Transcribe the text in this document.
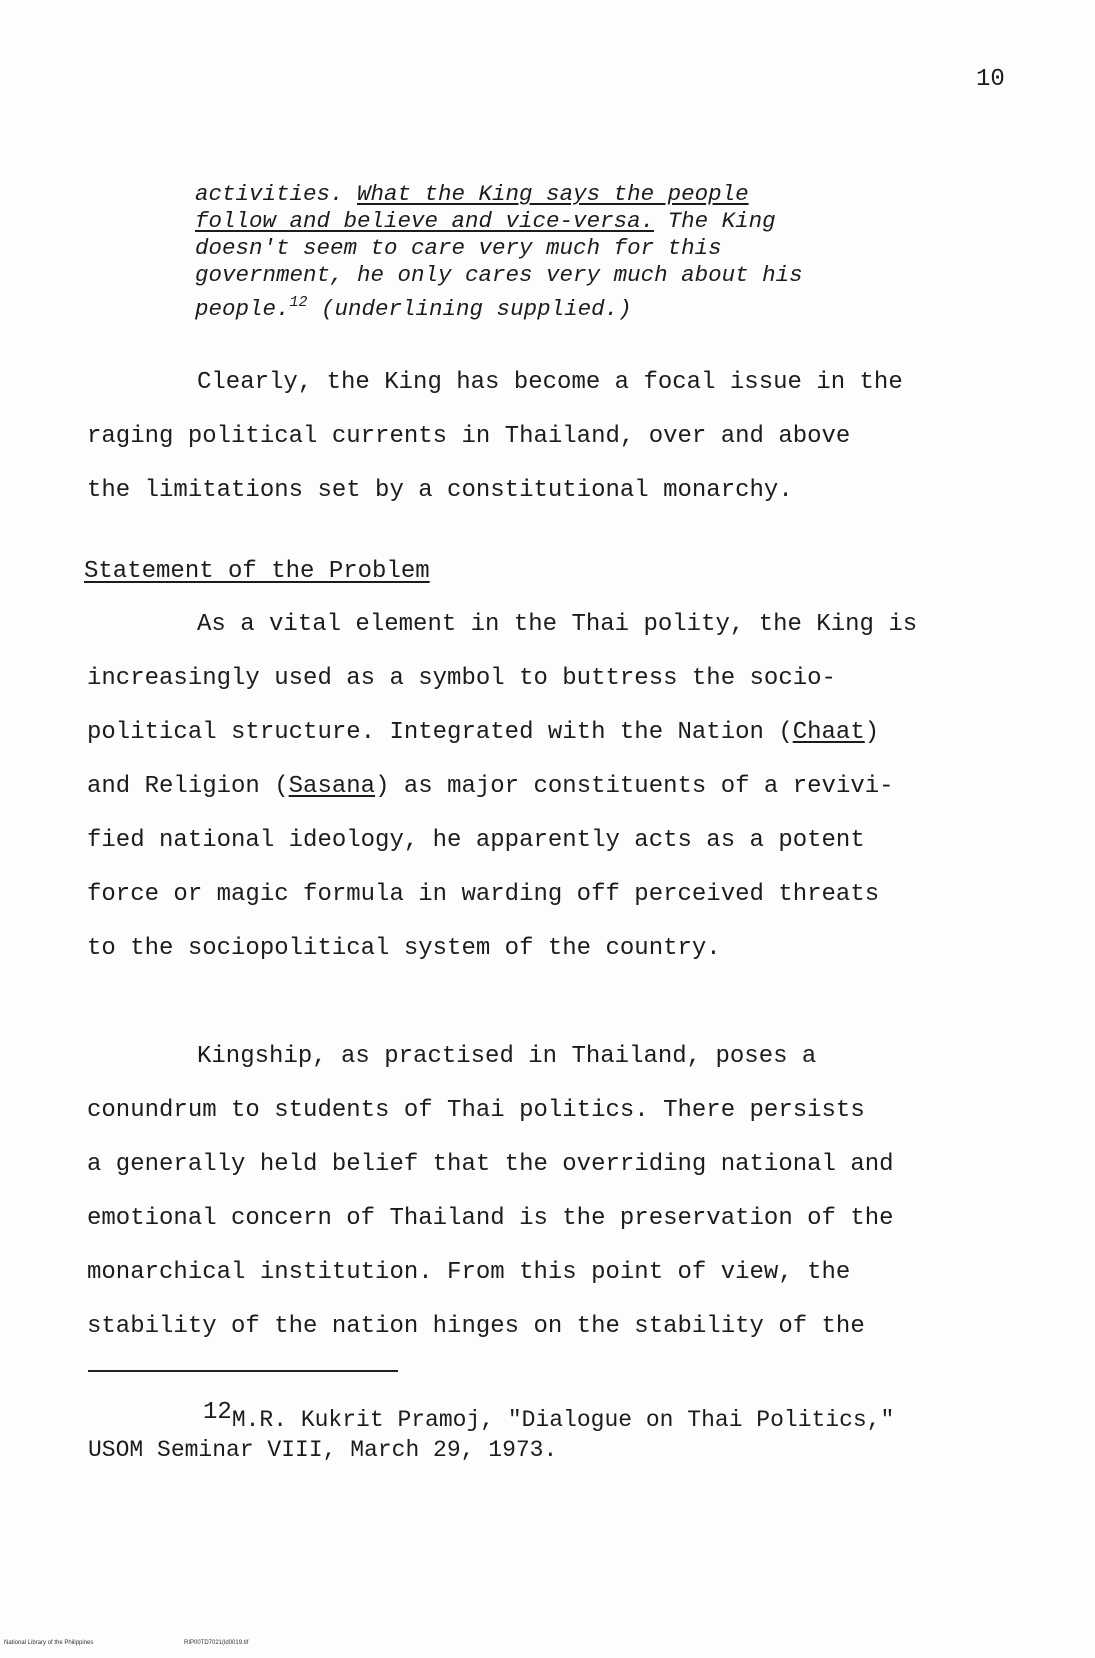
10
activities. What the King says the people
follow and believe and vice-versa. The King
doesn't seem to care very much for this
government, he only cares very much about his
people.$^{12}$ (underlining supplied.)
Clearly, the King has become a focal issue in the
raging political currents in Thailand, over and above
the limitations set by a constitutional monarchy.
Statement of the Problem
As a vital element in the Thai polity, the King is
increasingly used as a symbol to buttress the socio-
political structure. Integrated with the Nation (Chaat)
and Religion (Sasana) as major constituents of a revivi-
fied national ideology, he apparently acts as a potent
force or magic formula in warding off perceived threats
to the sociopolitical system of the country.
Kingship, as practised in Thailand, poses a
conundrum to students of Thai politics. There persists
a generally held belief that the overriding national and
emotional concern of Thailand is the preservation of the
monarchical institution. From this point of view, the
stability of the nation hinges on the stability of the
12M.R. Kukrit Pramoj, "Dialogue on Thai Politics,"
USOM Seminar VIII, March 29, 1973.
National Library of the Philippines	RIP00TD7021(ld0019.tif
